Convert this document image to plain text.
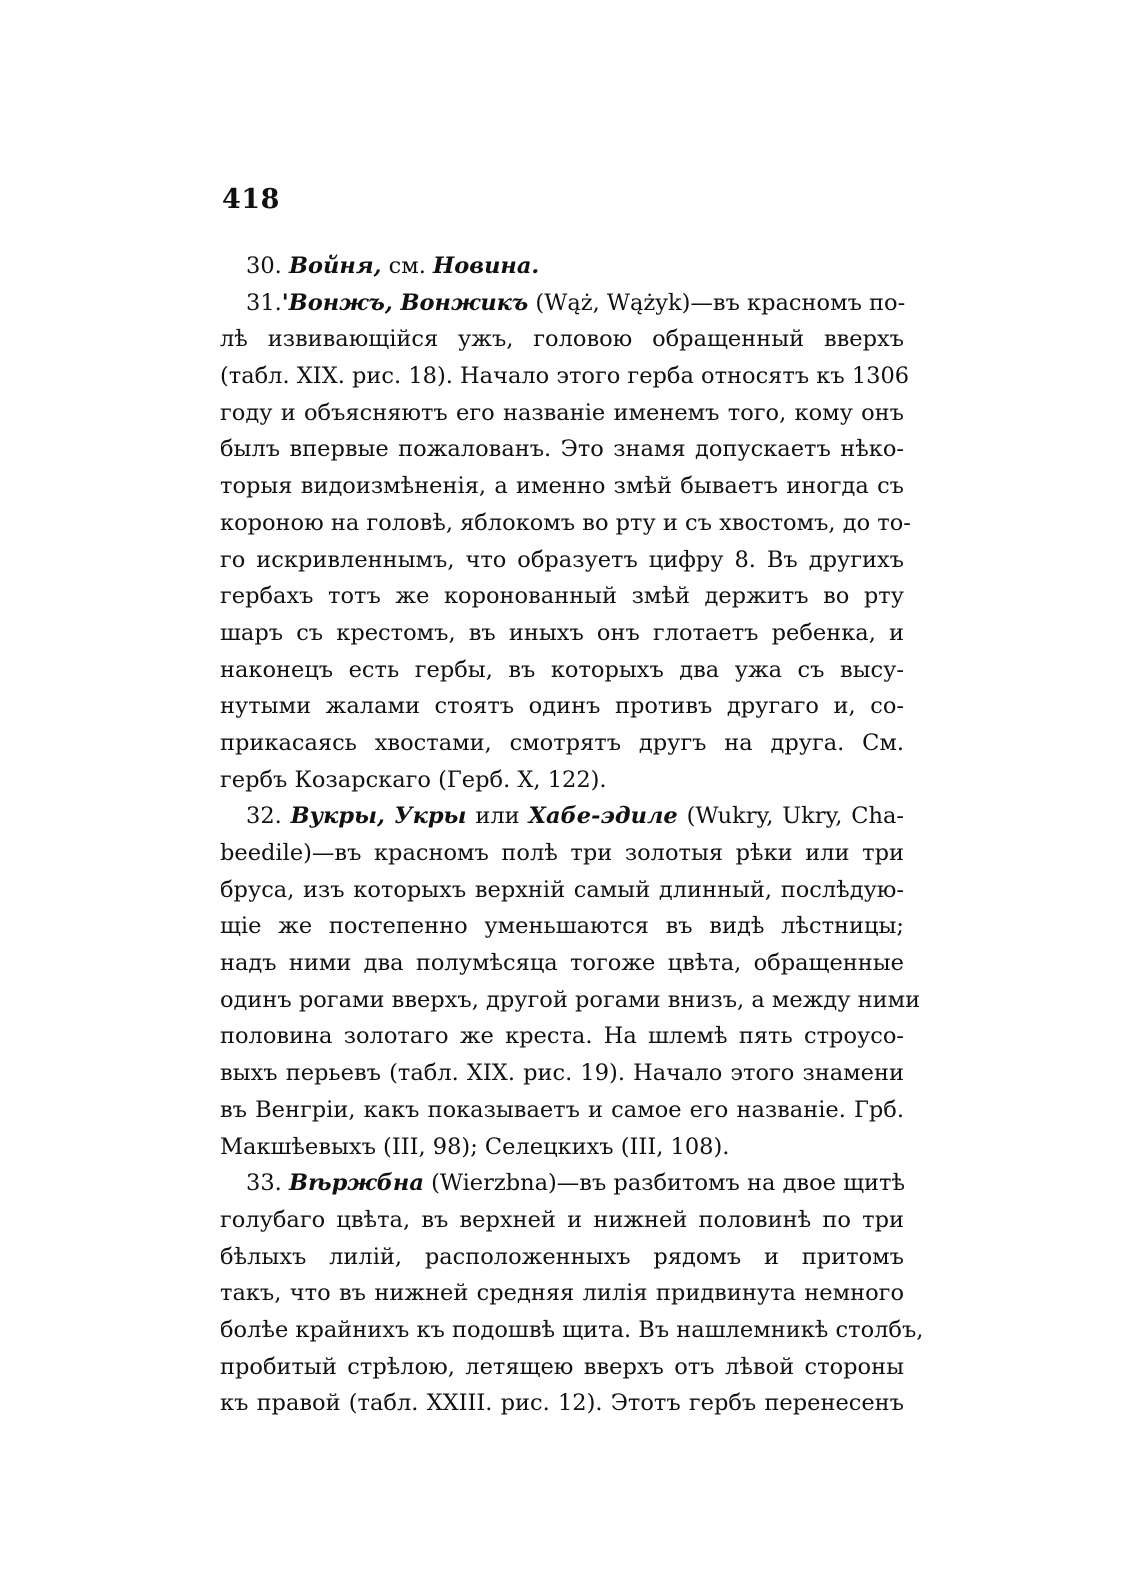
418
30. Войня, см. Новина.
31.'Вонжъ, Вонжикъ (Wąż, Wążyk)—въ красномъ по-
лѣ извивающійся ужъ, головою обращенный вверхъ
(табл. XIX. рис. 18). Начало этого герба относятъ къ 1306
году и объясняютъ его названіе именемъ того, кому онъ
былъ впервые пожалованъ. Это знамя допускаетъ нѣко-
торыя видоизмѣненія, а именно змѣй бываетъ иногда съ
короною на головѣ, яблокомъ во рту и съ хвостомъ, до то-
го искривленнымъ, что образуетъ цифру 8. Въ другихъ
гербахъ тотъ же коронованный змѣй держитъ во рту
шаръ съ крестомъ, въ иныхъ онъ глотаетъ ребенка, и
наконецъ есть гербы, въ которыхъ два ужа съ высу-
нутыми жалами стоятъ одинъ противъ другаго и, со-
прикасаясь хвостами, смотрятъ другъ на друга. См.
гербъ Козарскаго (Герб. X, 122).
32. Вукры, Укры или Хабе-эдиле (Wukry, Ukry, Cha-
beedile)—въ красномъ полѣ три золотыя рѣки или три
бруса, изъ которыхъ верхній самый длинный, послѣдую-
щіе же постепенно уменьшаются въ видѣ лѣстницы;
надъ ними два полумѣсяца тогоже цвѣта, обращенные
одинъ рогами вверхъ, другой рогами внизъ, а между ними
половина золотаго же креста. На шлемѣ пять строусо-
выхъ перьевъ (табл. XIX. рис. 19). Начало этого знамени
въ Венгріи, какъ показываетъ и самое его названіе. Грб.
Макшѣевыхъ (III, 98); Селецкихъ (III, 108).
33. Вѣржбна (Wierzbna)—въ разбитомъ на двое щитѣ
голубаго цвѣта, въ верхней и нижней половинѣ по три
бѣлыхъ лилій, расположенныхъ рядомъ и притомъ
такъ, что въ нижней средняя лилія придвинута немного
болѣе крайнихъ къ подошвѣ щита. Въ нашлемникѣ столбъ,
пробитый стрѣлою, летящею вверхъ отъ лѣвой стороны
къ правой (табл. XXIII. рис. 12). Этотъ гербъ перенесенъ
